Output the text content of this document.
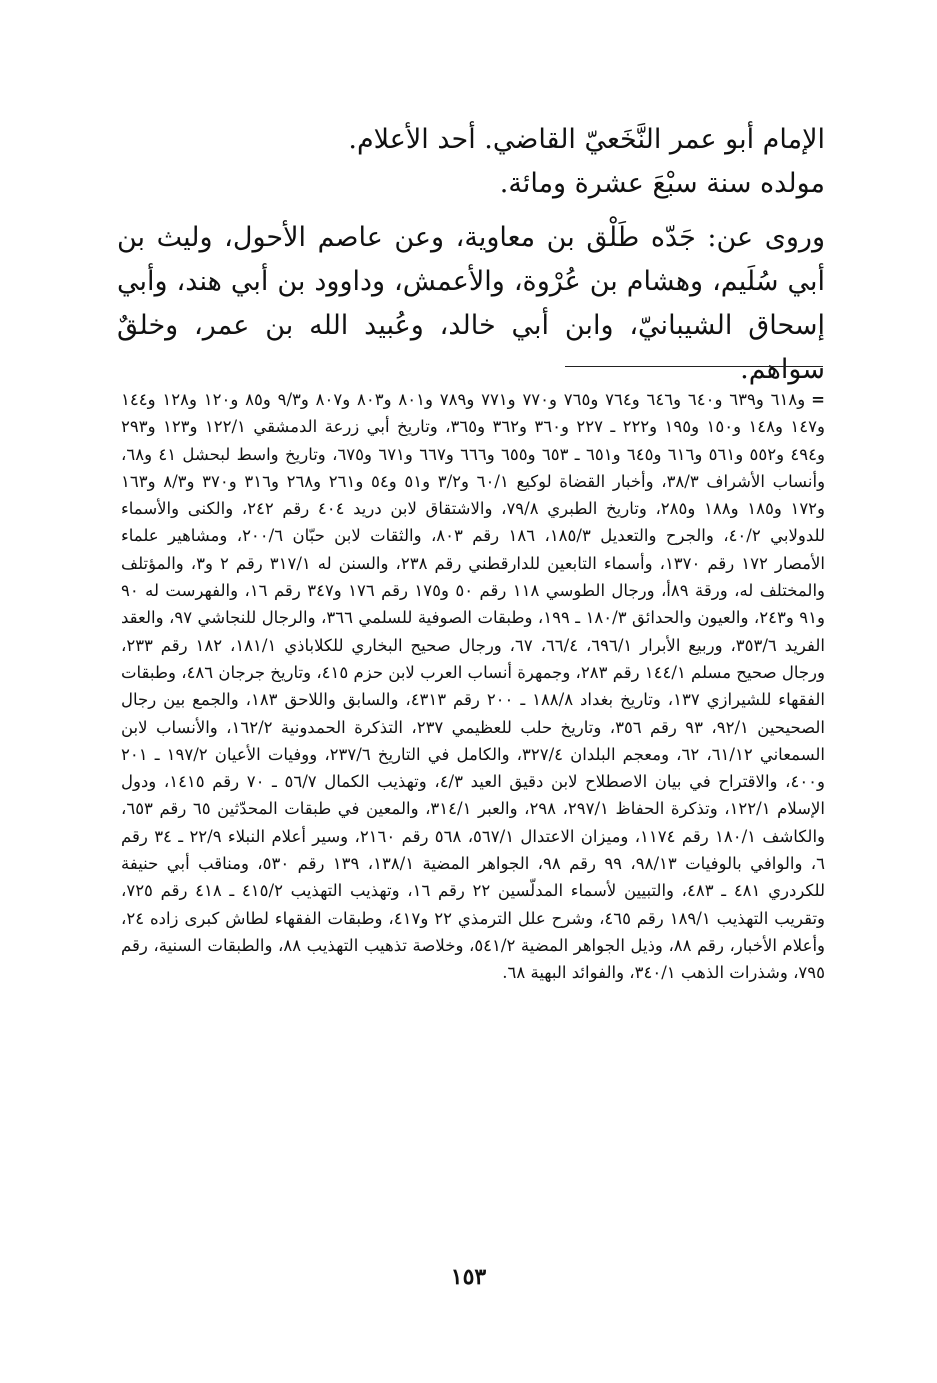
الإمام أبو عمر النَّخَعيّ القاضي. أحد الأعلام.
مولده سنة سبْعَ عشرة ومائة.

وروى عن: جَدّه طَلْق بن معاوية، وعن عاصم الأحول، وليث بن أبي سُلَيم، وهشام بن عُرْوة، والأعمش، وداوود بن أبي هند، وأبي إسحاق الشيبانيّ، وابن أبي خالد، وعُبيد الله بن عمر، وخلقٌ سواهم.

=و٦١٨ و٦٣٩ و٦٤٠ و٦٤٦ و٧٦٤ و٧٦٥ و٧٧٠ و٧٧١ و٧٨٩ و٨٠١ و٨٠٣ و٨٠٧ و٩/٣ و٨٥ و١٢٠ و١٢٨ و١٤٤ و١٤٧ و١٤٨ و١٥٠ و١٩٥ و٢٢٢ ـ ٢٢٧ و٣٦٠ و٣٦٢ و٣٦٥، وتاريخ أبي زرعة الدمشقي ١٢٢/١ و١٢٣ و٢٩٣ و٤٩٤ و٥٥٢ و٥٦١ و٦١٦ و٦٤٥ و٦٥١ ـ ٦٥٣ و٦٥٥ و٦٦٦ و٦٦٧ و٦٧١ و٦٧٥، وتاريخ واسط لبحشل ٤١ و٦٨، وأنساب الأشراف ٣٨/٣، وأخبار القضاة لوكيع ٦٠/١ و٣/٢ و٥١ و٥٤ و٢٦١ و٢٦٨ و٣١٦ و٣٧٠ و٨/٣ و١٦٣ و١٧٢ و١٨٥ و١٨٨ و٢٨٥، وتاريخ الطبري ٧٩/٨، والاشتقاق لابن دريد ٤٠٤ رقم ٢٤٢، والكنى والأسماء للدولابي ٤٠/٢، والجرح والتعديل ١٨٥/٣، ١٨٦ رقم ٨٠٣، والثقات لابن حبّان ٢٠٠/٦، ومشاهير علماء الأمصار ١٧٢ رقم ١٣٧٠، وأسماء التابعين للدارقطني رقم ٢٣٨، والسنن له ٣١٧/١ رقم ٢ و٣، والمؤتلف والمختلف له، ورقة ٨٩أ، ورجال الطوسي ١١٨ رقم ٥٠ و١٧٥ رقم ١٧٦ و٣٤٧ رقم ١٦، والفهرست له ٩٠ و٩١ و٢٤٣، والعيون والحدائق ١٨٠/٣ ـ ١٩٩، وطبقات الصوفية للسلمي ٣٦٦، والرجال للنجاشي ٩٧، والعقد الفريد ٣٥٣/٦، وربيع الأبرار ٦٩٦/١، ٦٦/٤، ٦٧، ورجال صحيح البخاري للكلاباذي ١٨١/١، ١٨٢ رقم ٢٣٣، ورجال صحيح مسلم ١٤٤/١ رقم ٢٨٣، وجمهرة أنساب العرب لابن حزم ٤١٥، وتاريخ جرجان ٤٨٦، وطبقات الفقهاء للشيرازي ١٣٧، وتاريخ بغداد ١٨٨/٨ ـ ٢٠٠ رقم ٤٣١٣، والسابق واللاحق ١٨٣، والجمع بين رجال الصحيحين ٩٢/١، ٩٣ رقم ٣٥٦، وتاريخ حلب للعظيمي ٢٣٧، التذكرة الحمدونية ١٦٢/٢، والأنساب لابن السمعاني ٦١/١٢، ٦٢، ومعجم البلدان ٣٢٧/٤، والكامل في التاريخ ٢٣٧/٦، ووفيات الأعيان ١٩٧/٢ ـ ٢٠١ و٤٠٠، والاقتراح في بيان الاصطلاح لابن دقيق العيد ٤/٣، وتهذيب الكمال ٥٦/٧ ـ ٧٠ رقم ١٤١٥، ودول الإسلام ١٢٢/١، وتذكرة الحفاظ ٢٩٧/١، ٢٩٨، والعبر ٣١٤/١، والمعين في طبقات المحدّثين ٦٥ رقم ٦٥٣، والكاشف ١٨٠/١ رقم ١١٧٤، وميزان الاعتدال ٥٦٧/١، ٥٦٨ رقم ٢١٦٠، وسير أعلام النبلاء ٢٢/٩ ـ ٣٤ رقم ٦، والوافي بالوفيات ٩٨/١٣، ٩٩ رقم ٩٨، الجواهر المضية ١٣٨/١، ١٣٩ رقم ٥٣٠، ومناقب أبي حنيفة للكردري ٤٨١ ـ ٤٨٣، والتبيين لأسماء المدلّسين ٢٢ رقم ١٦، وتهذيب التهذيب ٤١٥/٢ ـ ٤١٨ رقم ٧٢٥، وتقريب التهذيب ١٨٩/١ رقم ٤٦٥، وشرح علل الترمذي ٢٢ و٤١٧، وطبقات الفقهاء لطاش كبرى زاده ٢٤، وأعلام الأخبار، رقم ٨٨، وذيل الجواهر المضية ٥٤١/٢، وخلاصة تذهيب التهذيب ٨٨، والطبقات السنية، رقم ٧٩٥، وشذرات الذهب ٣٤٠/١، والفوائد البهية ٦٨.

١٥٣
